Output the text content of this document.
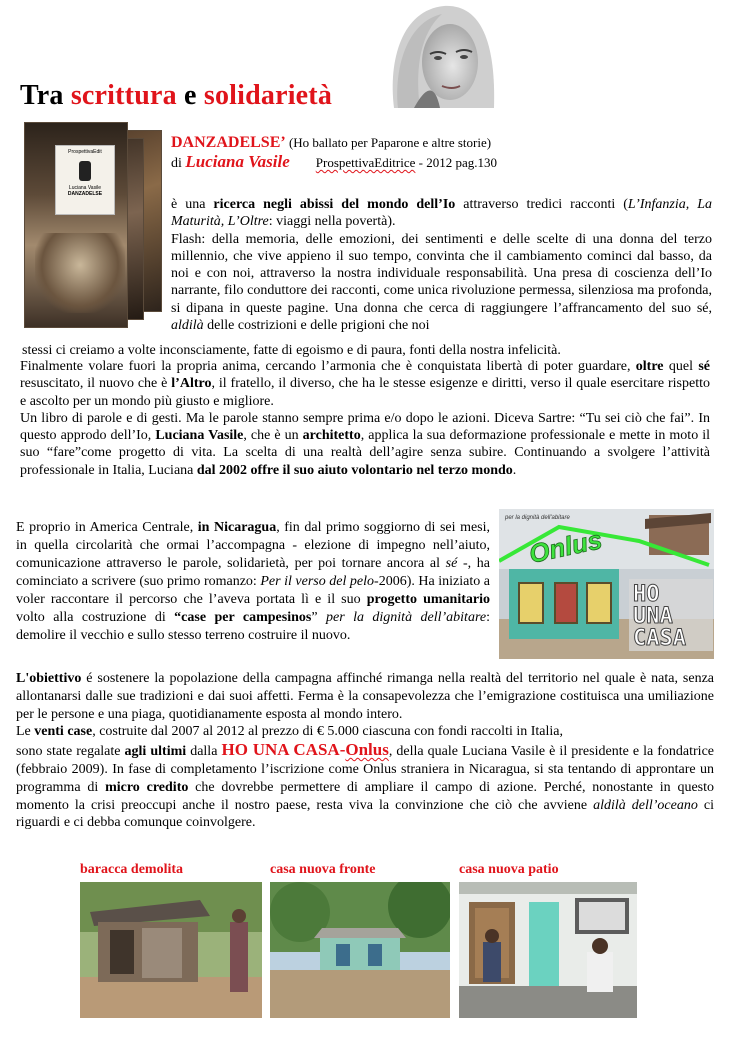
Tra scrittura e solidarietà
ProspettivaEdit
Luciana Vasile
DANZADELSE
DANZADELSE’ (Ho ballato per Paparone e altre storie)
di Luciana Vasile ProspettivaEditrice - 2012 pag.130
è una ricerca negli abissi del mondo dell’Io attraverso tredici racconti (L’Infanzia, La Maturità, L’Oltre: viaggi nella povertà).
Flash: della memoria, delle emozioni, dei sentimenti e delle scelte di una donna del terzo millennio, che vive appieno il suo tempo, convinta che il cambiamento cominci dal basso, da noi e con noi, attraverso la nostra individuale responsabilità. Una presa di coscienza dell’Io narrante, filo conduttore dei racconti, come unica rivoluzione permessa, silenziosa ma profonda, si dipana in queste pagine. Una donna che cerca di raggiungere l’affrancamento del suo sé, aldilà delle costrizioni e delle prigioni che noi
stessi ci creiamo a volte inconsciamente, fatte di egoismo e di paura, fonti della nostra infelicità.
Finalmente volare fuori la propria anima, cercando l’armonia che è conquistata libertà di poter guardare, oltre quel sé resuscitato, il nuovo che è l’Altro, il fratello, il diverso, che ha le stesse esigenze e diritti, verso il quale esercitare rispetto e ascolto per un mondo più giusto e migliore.
Un libro di parole e di gesti. Ma le parole stanno sempre prima e/o dopo le azioni. Diceva Sartre: “Tu sei ciò che fai”. In questo approdo dell’Io, Luciana Vasile, che è un architetto, applica la sua deformazione professionale e mette in moto il suo “fare”come progetto di vita. La scelta di una realtà dell’agire senza subire. Continuando a svolgere l’attività professionale in Italia, Luciana dal 2002 offre il suo aiuto volontario nel terzo mondo.
E proprio in America Centrale, in Nicaragua, fin dal primo soggiorno di sei mesi, in quella circolarità che ormai l’accompagna - elezione di impegno nell’aiuto, comunicazione attraverso le parole, solidarietà, per poi tornare ancora al sé -, ha cominciato a scrivere (suo primo romanzo: Per il verso del pelo-2006). Ha iniziato a voler raccontare il percorso che l’aveva portata lì e il suo progetto umanitario volto alla costruzione di “case per campesinos” per la dignità dell’abitare: demolire il vecchio e sullo stesso terreno costruire il nuovo.
per la dignità dell'abitare
Onlus
HO
UNA
CASA
L'obiettivo é sostenere la popolazione della campagna affinché rimanga nella realtà del territorio nel quale è nata, senza allontanarsi dalle sue tradizioni e dai suoi affetti. Ferma è la consapevolezza che l’emigrazione costituisca una umiliazione per le persone e una piaga, quotidianamente esposta al mondo intero.
Le venti case, costruite dal 2007 al 2012 al prezzo di € 5.000 ciascuna con fondi raccolti in Italia,
sono state regalate agli ultimi dalla HO UNA CASA-Onlus, della quale Luciana Vasile è il presidente e la fondatrice (febbraio 2009). In fase di completamento l’iscrizione come Onlus straniera in Nicaragua, si sta tentando di approntare un programma di micro credito che dovrebbe permettere di ampliare il campo di azione. Perché, nonostante in questo momento la crisi preoccupi anche il nostro paese, resta viva la convinzione che ciò che avviene aldilà dell’oceano ci riguardi e ci debba comunque coinvolgere.
baracca demolita	casa nuova fronte	casa nuova patio
